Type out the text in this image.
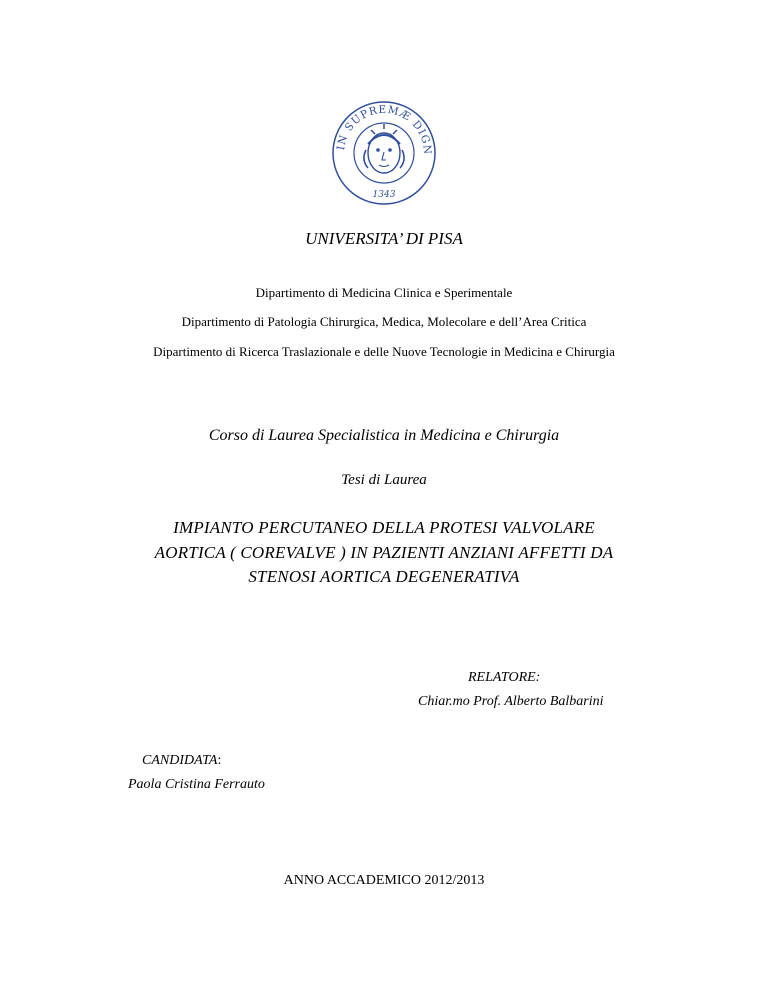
IN SUPREMÆ DIGN
1343
UNIVERSITA’ DI PISA
Dipartimento di Medicina Clinica e Sperimentale
Dipartimento di Patologia Chirurgica, Medica, Molecolare e dell’Area Critica
Dipartimento di Ricerca Traslazionale e delle Nuove Tecnologie in Medicina e Chirurgia
Corso di Laurea Specialistica in Medicina e Chirurgia
Tesi di Laurea
IMPIANTO PERCUTANEO DELLA PROTESI VALVOLARE
AORTICA ( COREVALVE ) IN PAZIENTI ANZIANI AFFETTI DA
STENOSI AORTICA DEGENERATIVA
RELATORE:
Chiar.mo Prof. Alberto Balbarini
CANDIDATA:
Paola Cristina Ferrauto
ANNO ACCADEMICO 2012/2013
